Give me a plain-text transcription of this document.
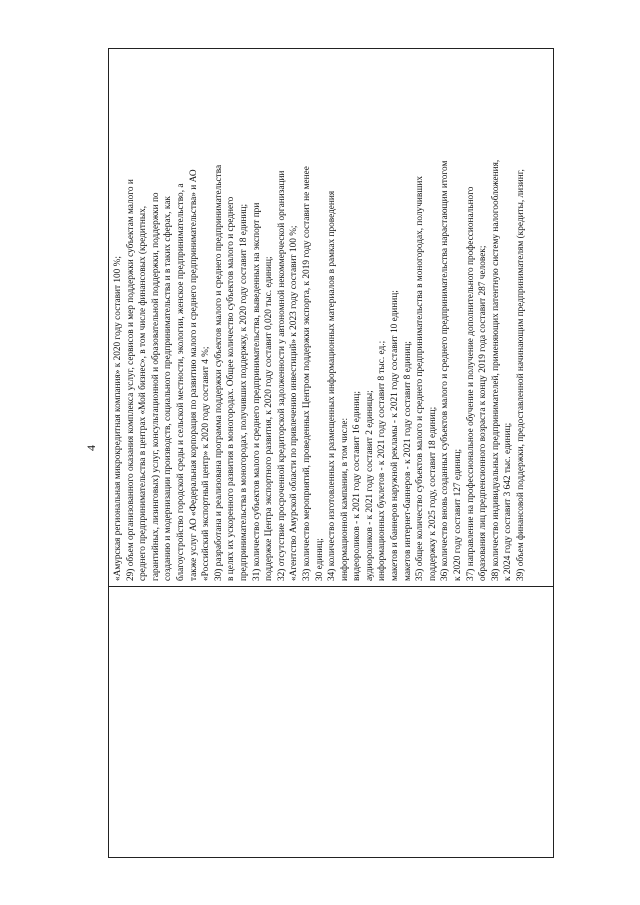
4	«Амурская региональная микрокредитная компания» к 2020 году составит 100 %; 29) объем организованного оказания комплекса услуг, сервисов и мер поддержки субъектам малого и среднего предпринимательства в центрах «Мой бизнес», в том числе финансовых (кредитных, гарантийных, лизинговых) услуг, консультационной и образовательной поддержки, поддержки по созданию и модернизации производств, социального предпринимательства и в таких сферах, как благоустройство городской среды и сельской местности, экологии, женское предпринимательство, а также услуг АО «Федеральная корпорация по развитию малого и среднего предпринимательства» и АО «Российский экспортный центр» к 2020 году составит 4 %; 30) разработана и реализована программа поддержки субъектов малого и среднего предпринимательства в целях их ускоренного развития в моногородах. Общее количество субъектов малого и среднего предпринимательства в моногородах, получивших поддержку, к 2020 году составит 18 единиц; 31) количество субъектов малого и среднего предпринимательства, выведенных на экспорт при поддержке Центра экспортного развития, к 2020 году составит 0,020 тыс. единиц; 32) отсутствие просроченной кредиторской задолженности у автономной некоммерческой организации «Агентство Амурской области по привлечению инвестиций» к 2023 году составит 100 %; 33) количество мероприятий, проведенных Центром поддержки экспорта, к 2019 году составит не менее 30 единиц; 34) количество изготовленных и размещенных информационных материалов в рамках проведения информационной кампании, в том числе: видеороликов - к 2021 году составит 16 единиц; аудиороликов - к 2021 году составит 2 единицы; информационных буклетов - к 2021 году составит 8 тыс. ед.; макетов и баннеров наружной рекламы - к 2021 году составит 10 единиц; макетов интернет-баннеров - к 2021 году составит 8 единиц; 35) общее количество субъектов малого и среднего предпринимательства в моногородах, получивших поддержку к 2025 году, составит 18 единиц; 36) количество вновь созданных субъектов малого и среднего предпринимательства нарастающим итогом к 2020 году составит 127 единиц; 37) направление на профессиональное обучение и получение дополнительного профессионального образования лиц предпенсионного возраста к концу 2019 года составит 287 человек; 38) количество индивидуальных предпринимателей, применяющих патентную систему налогообложения, к 2024 году составит 3 642 тыс. единиц; 39) объем финансовой поддержки, предоставленной начинающим предпринимателям (кредиты, лизинг,
